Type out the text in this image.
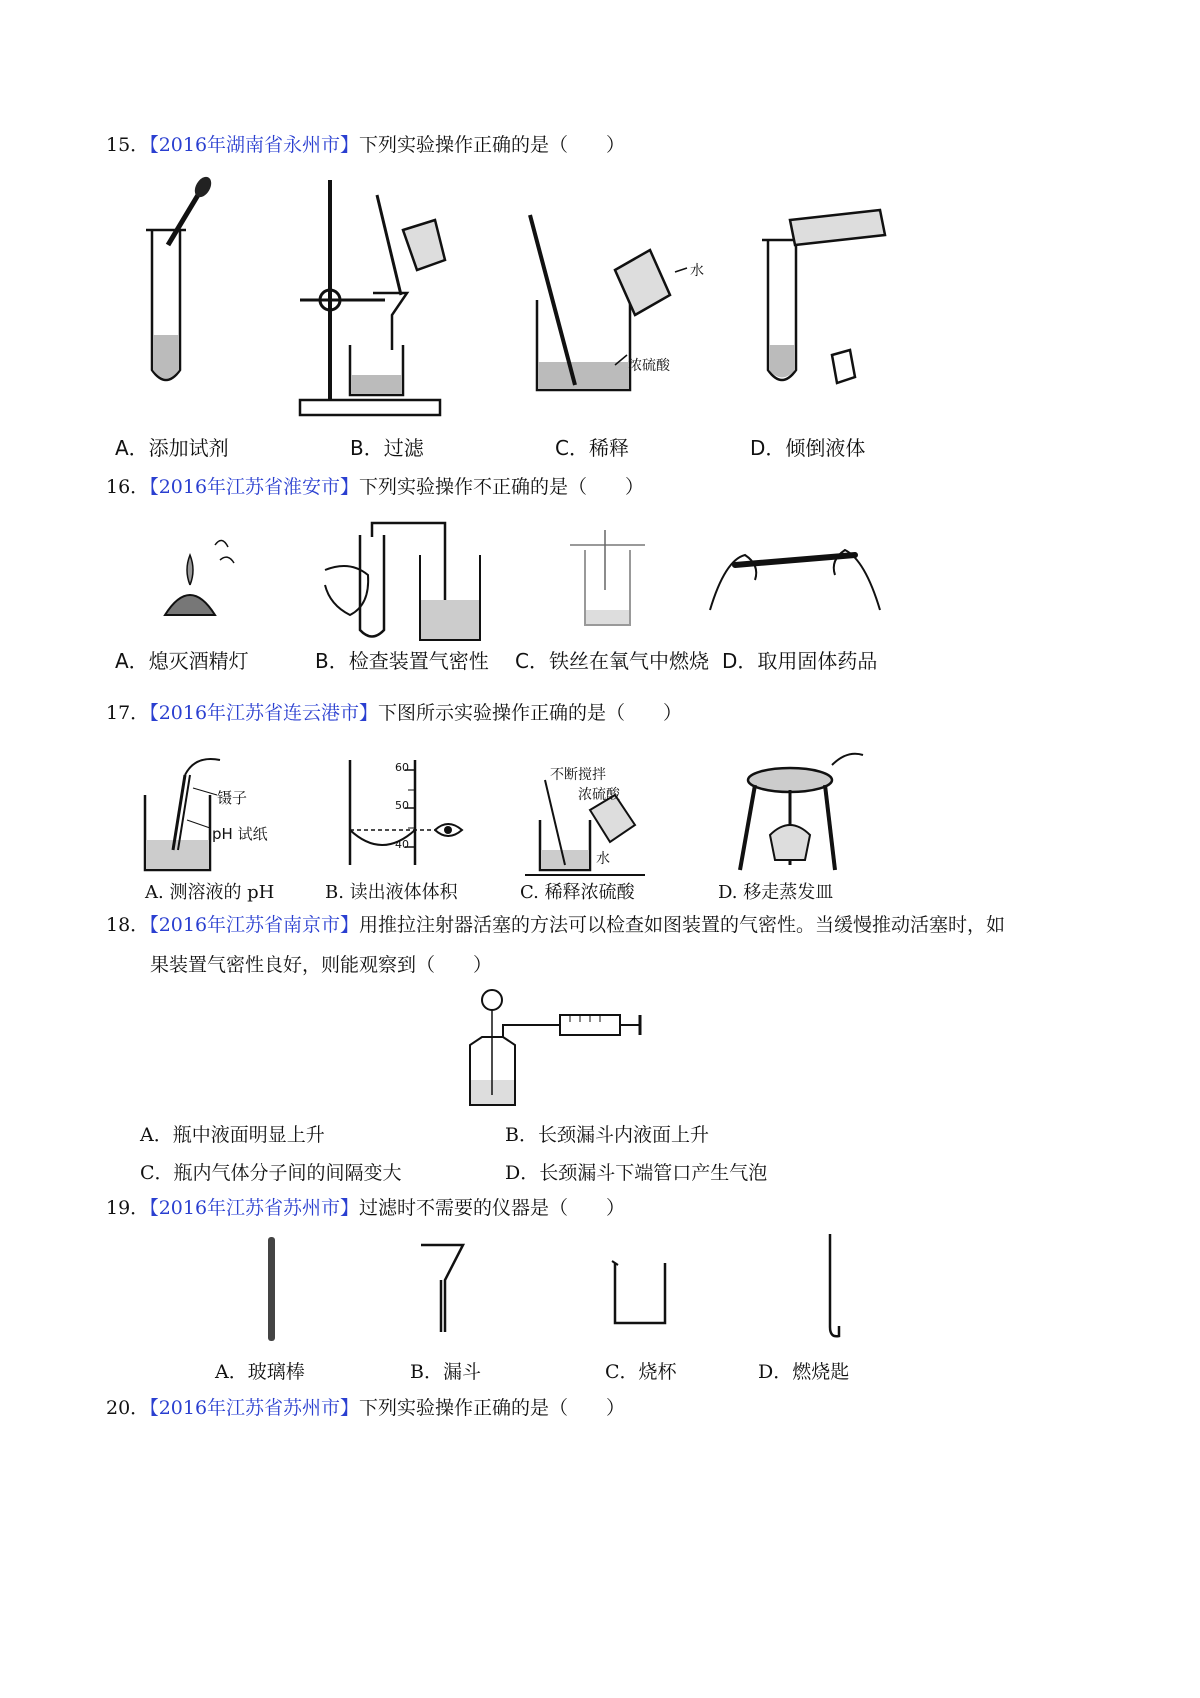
15．【2016年湖南省永州市】下列实验操作正确的是（　　）
水
浓硫酸
A．添加试剂	B．过滤	C．稀释	D．倾倒液体
16．【2016年江苏省淮安市】下列实验操作不正确的是（　　）
A．熄灭酒精灯	B．检查装置气密性 C．铁丝在氧气中燃烧 D．取用固体药品
17．【2016年江苏省连云港市】下图所示实验操作正确的是（　　）
镊子
pH 试纸
60
50
40
不断搅拌
浓硫酸
水
A. 测溶液的 pH	B. 读出液体体积	C. 稀释浓硫酸	D. 移走蒸发皿
18．【2016年江苏省南京市】用推拉注射器活塞的方法可以检查如图装置的气密性。当缓慢推动活塞时，如
果装置气密性良好，则能观察到（　　）
A．瓶中液面明显上升	B．长颈漏斗内液面上升
C．瓶内气体分子间的间隔变大	D．长颈漏斗下端管口产生气泡
19．【2016年江苏省苏州市】过滤时不需要的仪器是（　　）
A．玻璃棒	B．漏斗	C．烧杯	D．燃烧匙
20．【2016年江苏省苏州市】下列实验操作正确的是（　　）
